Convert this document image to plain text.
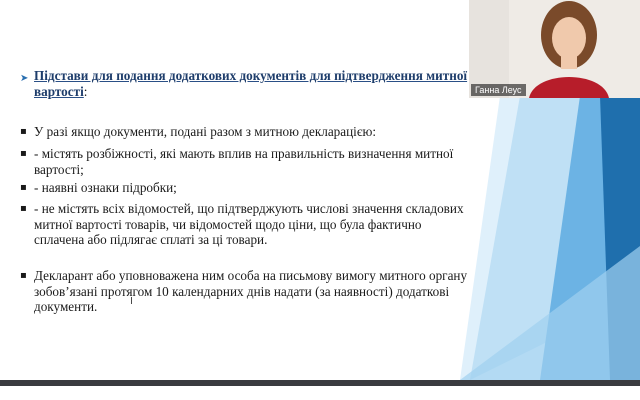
➤ Підстави для подання додаткових документів для підтвердження митної
вартості:
▪ У разі якщо документи, подані разом з митною декларацією:
▪ - містять розбіжності, які мають вплив на правильність визначення митної вартості;
▪ - наявні ознаки підробки;
▪ - не містять всіх відомостей, що підтверджують числові значення складових митної вартості товарів, чи відомостей щодо ціни, що була фактично сплачена або підлягає сплаті за ці товари.
▪ Декларант або уповноважена ним особа на письмову вимогу митного органу зобов’язані протягом 10 календарних днів надати (за наявності) додаткові документи.
Ганна Леус
I
